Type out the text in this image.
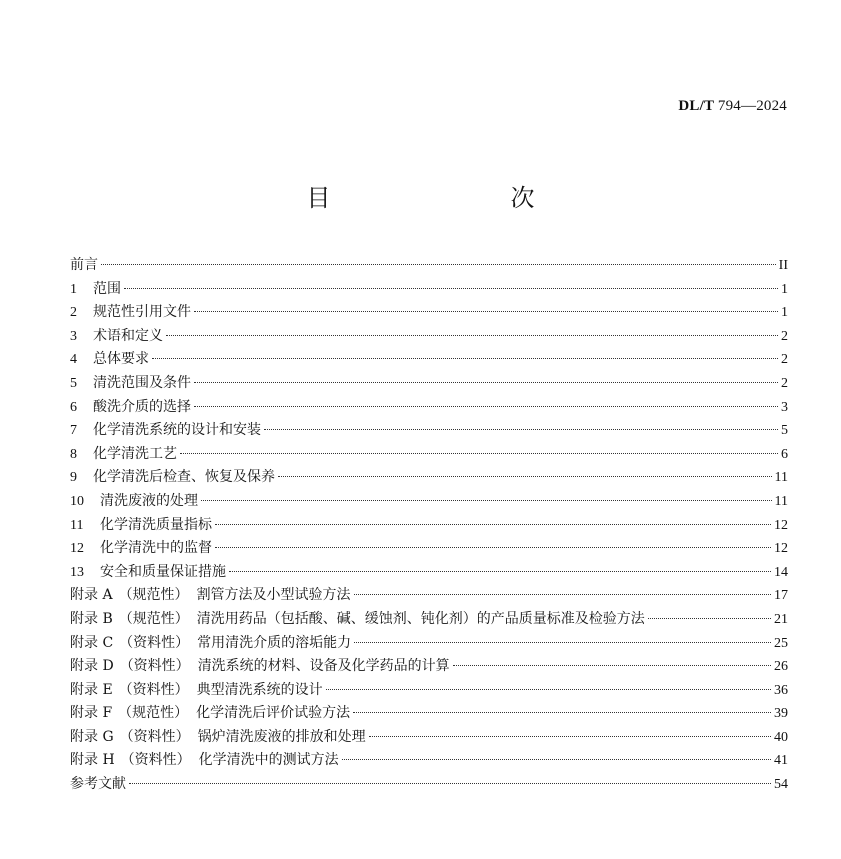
DL/T 794—2024
目　　次
前言	II
1	范围	1
2	规范性引用文件	1
3	术语和定义	2
4	总体要求	2
5	清洗范围及条件	2
6	酸洗介质的选择	3
7	化学清洗系统的设计和安装	5
8	化学清洗工艺	6
9	化学清洗后检查、恢复及保养	11
10	清洗废液的处理	11
11	化学清洗质量指标	12
12	化学清洗中的监督	12
13	安全和质量保证措施	14
附录 A （规范性） 割管方法及小型试验方法	17
附录 B （规范性） 清洗用药品（包括酸、碱、缓蚀剂、钝化剂）的产品质量标准及检验方法	21
附录 C （资料性） 常用清洗介质的溶垢能力	25
附录 D （资料性） 清洗系统的材料、设备及化学药品的计算	26
附录 E （资料性） 典型清洗系统的设计	36
附录 F （规范性） 化学清洗后评价试验方法	39
附录 G （资料性） 锅炉清洗废液的排放和处理	40
附录 H （资料性） 化学清洗中的测试方法	41
参考文献	54
